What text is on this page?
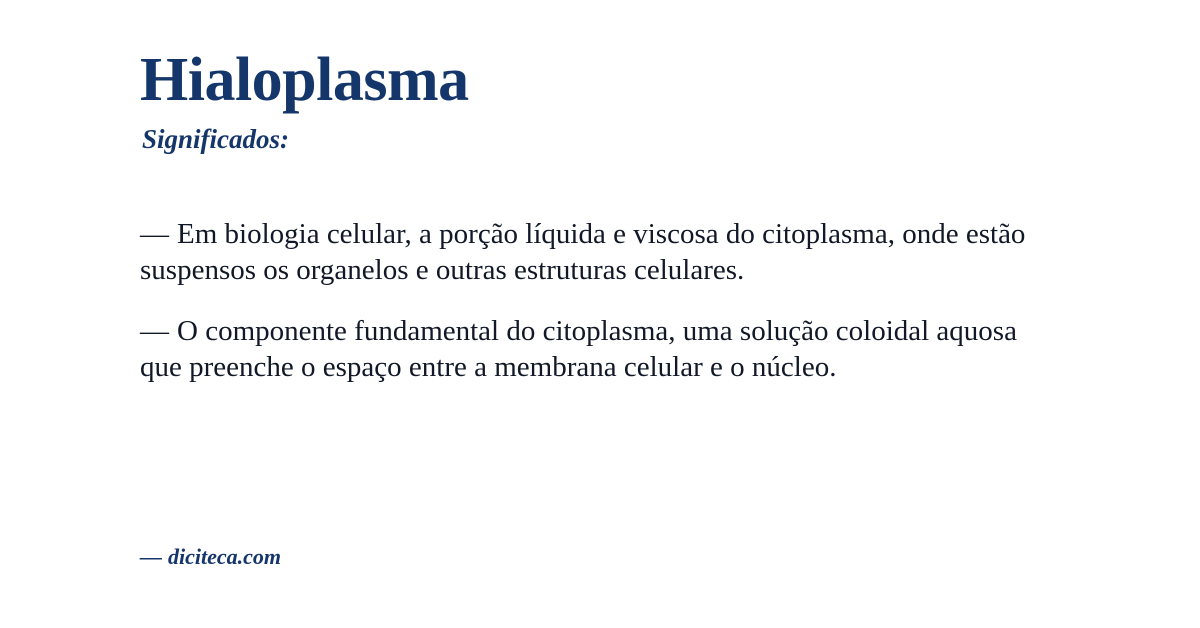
Hialoplasma
Significados:

— Em biologia celular, a porção líquida e viscosa do citoplasma, onde estão suspensos os organelos e outras estruturas celulares.

— O componente fundamental do citoplasma, uma solução coloidal aquosa que preenche o espaço entre a membrana celular e o núcleo.

— diciteca.com
